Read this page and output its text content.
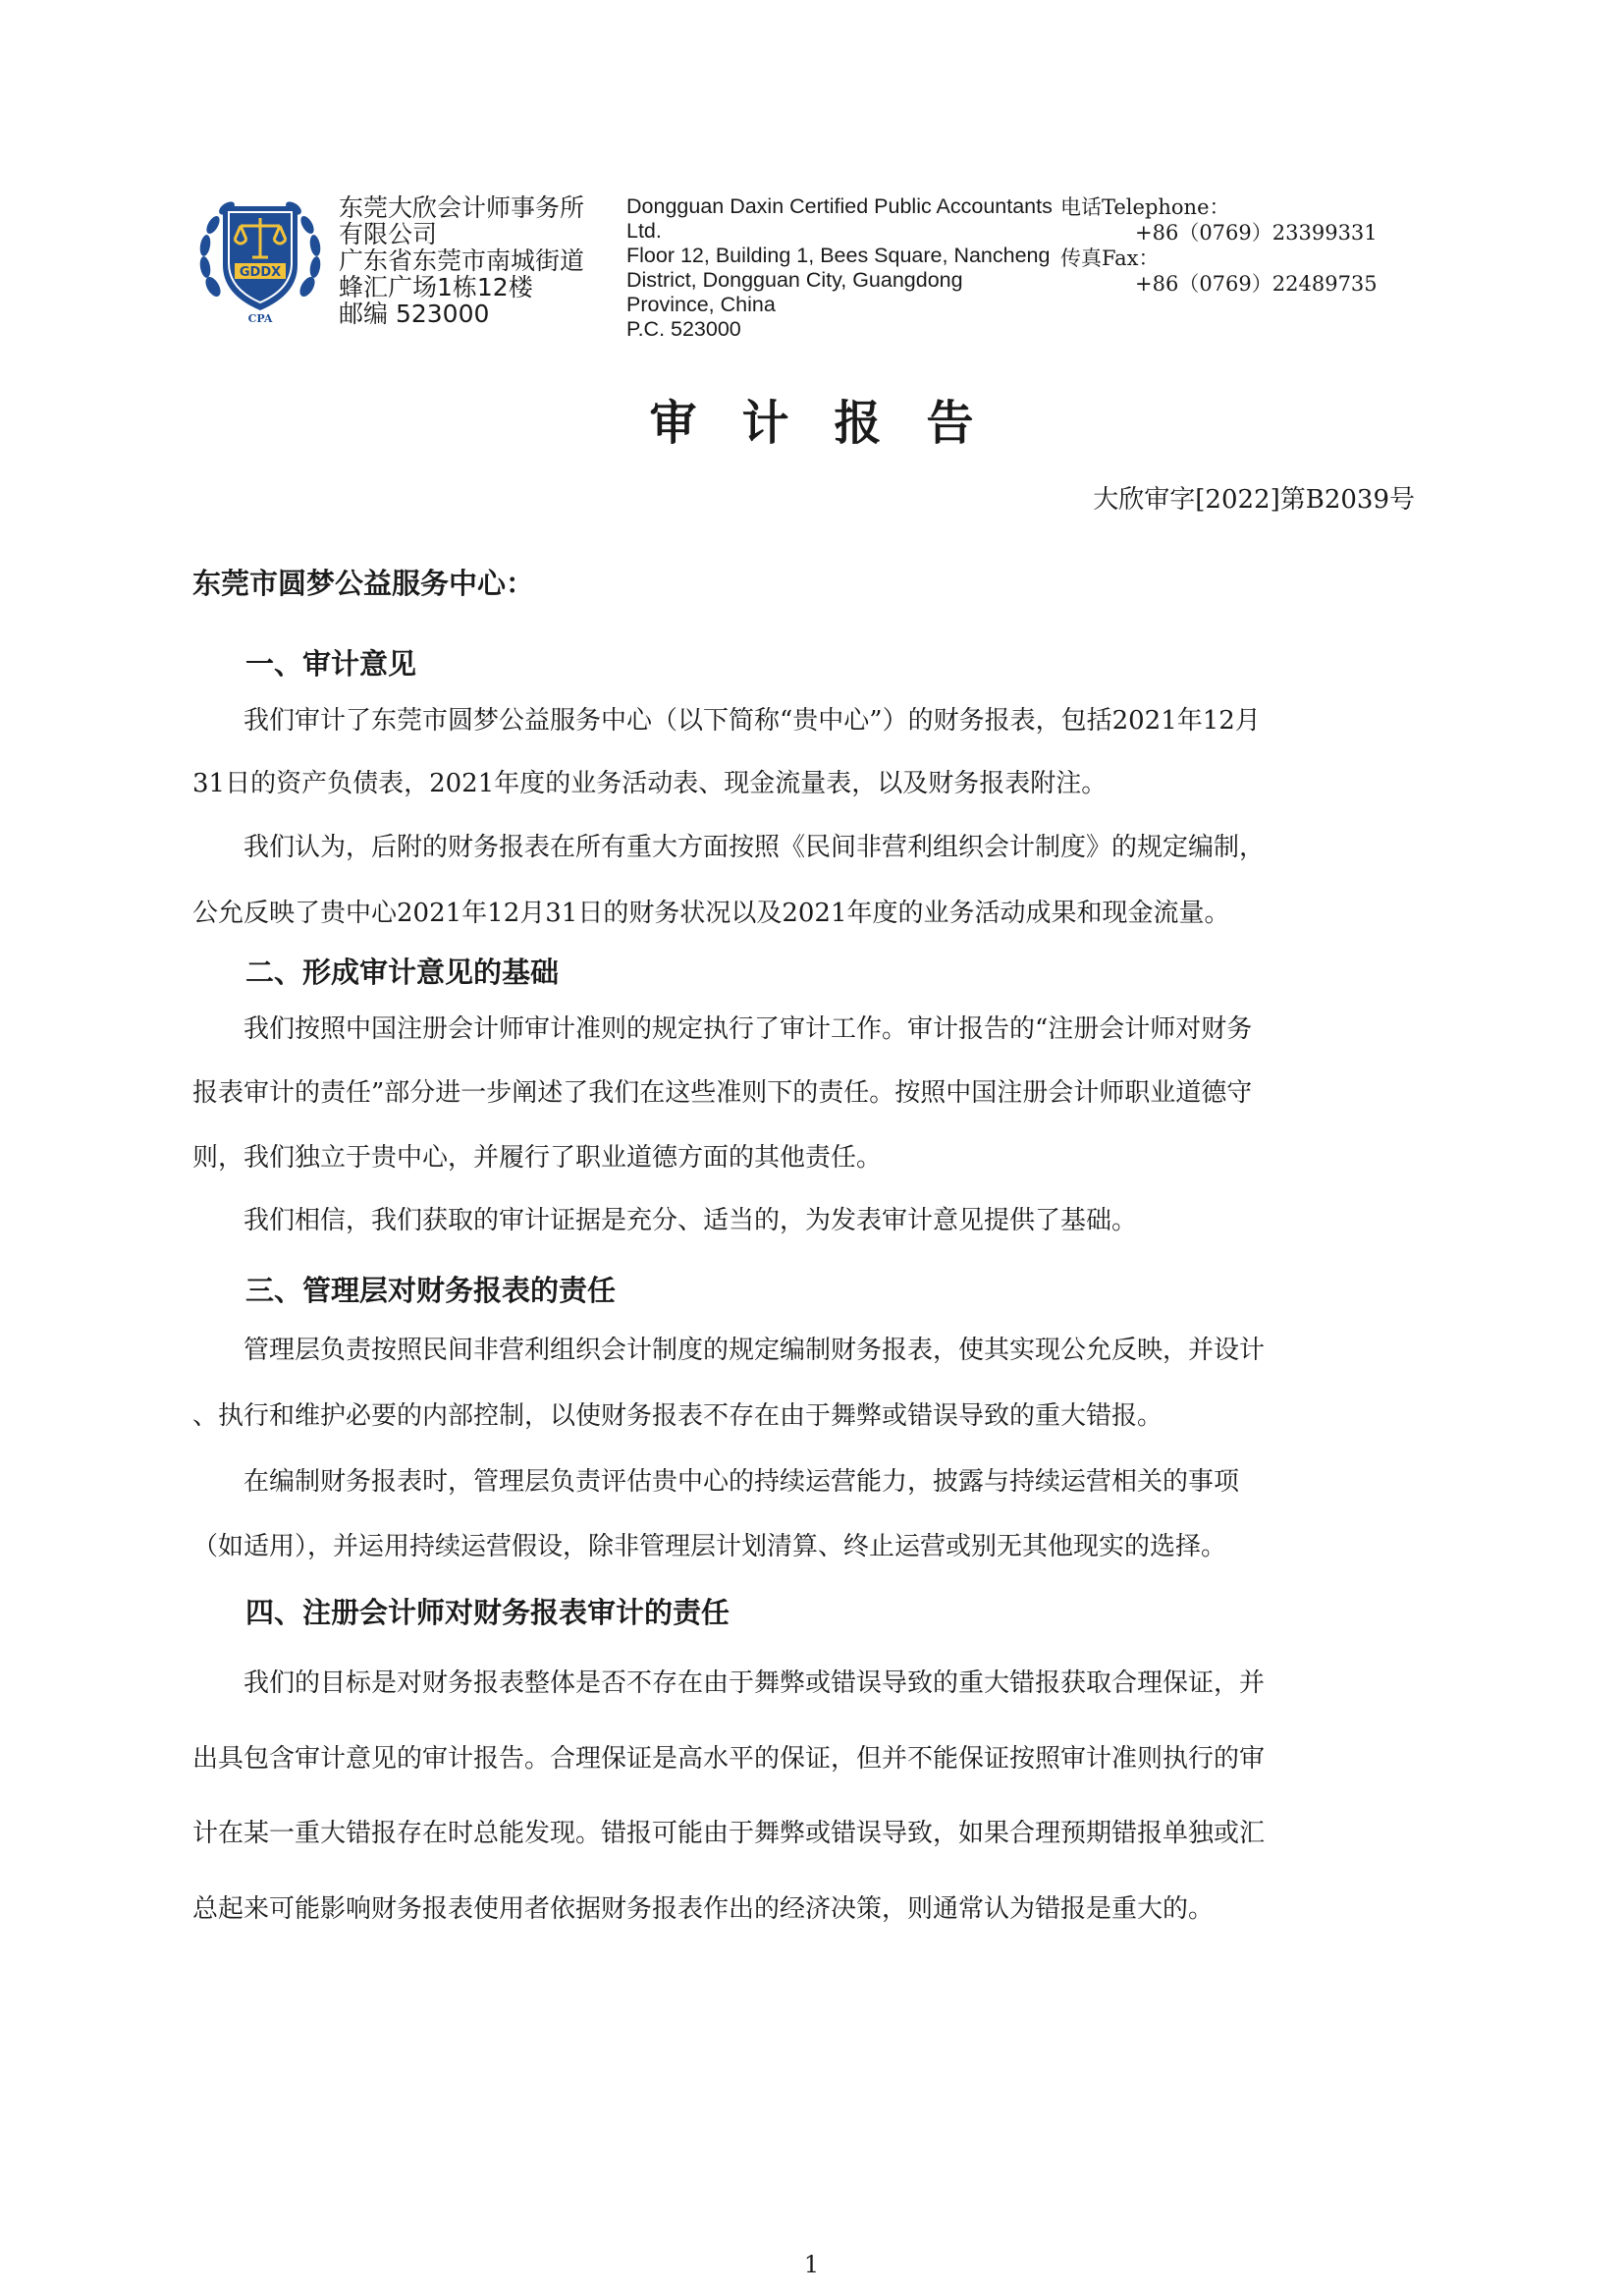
GDDX
CPA
东莞大欣会计师事务所
有限公司
广东省东莞市南城街道
蜂汇广场1栋12楼
邮编 523000
Dongguan Daxin Certified Public Accountants
Ltd.
Floor 12, Building 1, Bees Square, Nancheng
District, Dongguan City, Guangdong
Province, China
P.C. 523000
电话Telephone：
+86（0769）23399331
传真Fax：
+86（0769）22489735
审计报告
大欣审字[2022]第B2039号
东莞市圆梦公益服务中心：
一、审计意见
我们审计了东莞市圆梦公益服务中心（以下简称“贵中心”）的财务报表，包括2021年12月
31日的资产负债表，2021年度的业务活动表、现金流量表，以及财务报表附注。
我们认为，后附的财务报表在所有重大方面按照《民间非营利组织会计制度》的规定编制，
公允反映了贵中心2021年12月31日的财务状况以及2021年度的业务活动成果和现金流量。
二、形成审计意见的基础
我们按照中国注册会计师审计准则的规定执行了审计工作。审计报告的“注册会计师对财务
报表审计的责任”部分进一步阐述了我们在这些准则下的责任。按照中国注册会计师职业道德守
则，我们独立于贵中心，并履行了职业道德方面的其他责任。
我们相信，我们获取的审计证据是充分、适当的，为发表审计意见提供了基础。
三、管理层对财务报表的责任
管理层负责按照民间非营利组织会计制度的规定编制财务报表，使其实现公允反映，并设计
、执行和维护必要的内部控制，以使财务报表不存在由于舞弊或错误导致的重大错报。
在编制财务报表时，管理层负责评估贵中心的持续运营能力，披露与持续运营相关的事项
（如适用），并运用持续运营假设，除非管理层计划清算、终止运营或别无其他现实的选择。
四、注册会计师对财务报表审计的责任
我们的目标是对财务报表整体是否不存在由于舞弊或错误导致的重大错报获取合理保证，并
出具包含审计意见的审计报告。合理保证是高水平的保证，但并不能保证按照审计准则执行的审
计在某一重大错报存在时总能发现。错报可能由于舞弊或错误导致，如果合理预期错报单独或汇
总起来可能影响财务报表使用者依据财务报表作出的经济决策，则通常认为错报是重大的。
1
